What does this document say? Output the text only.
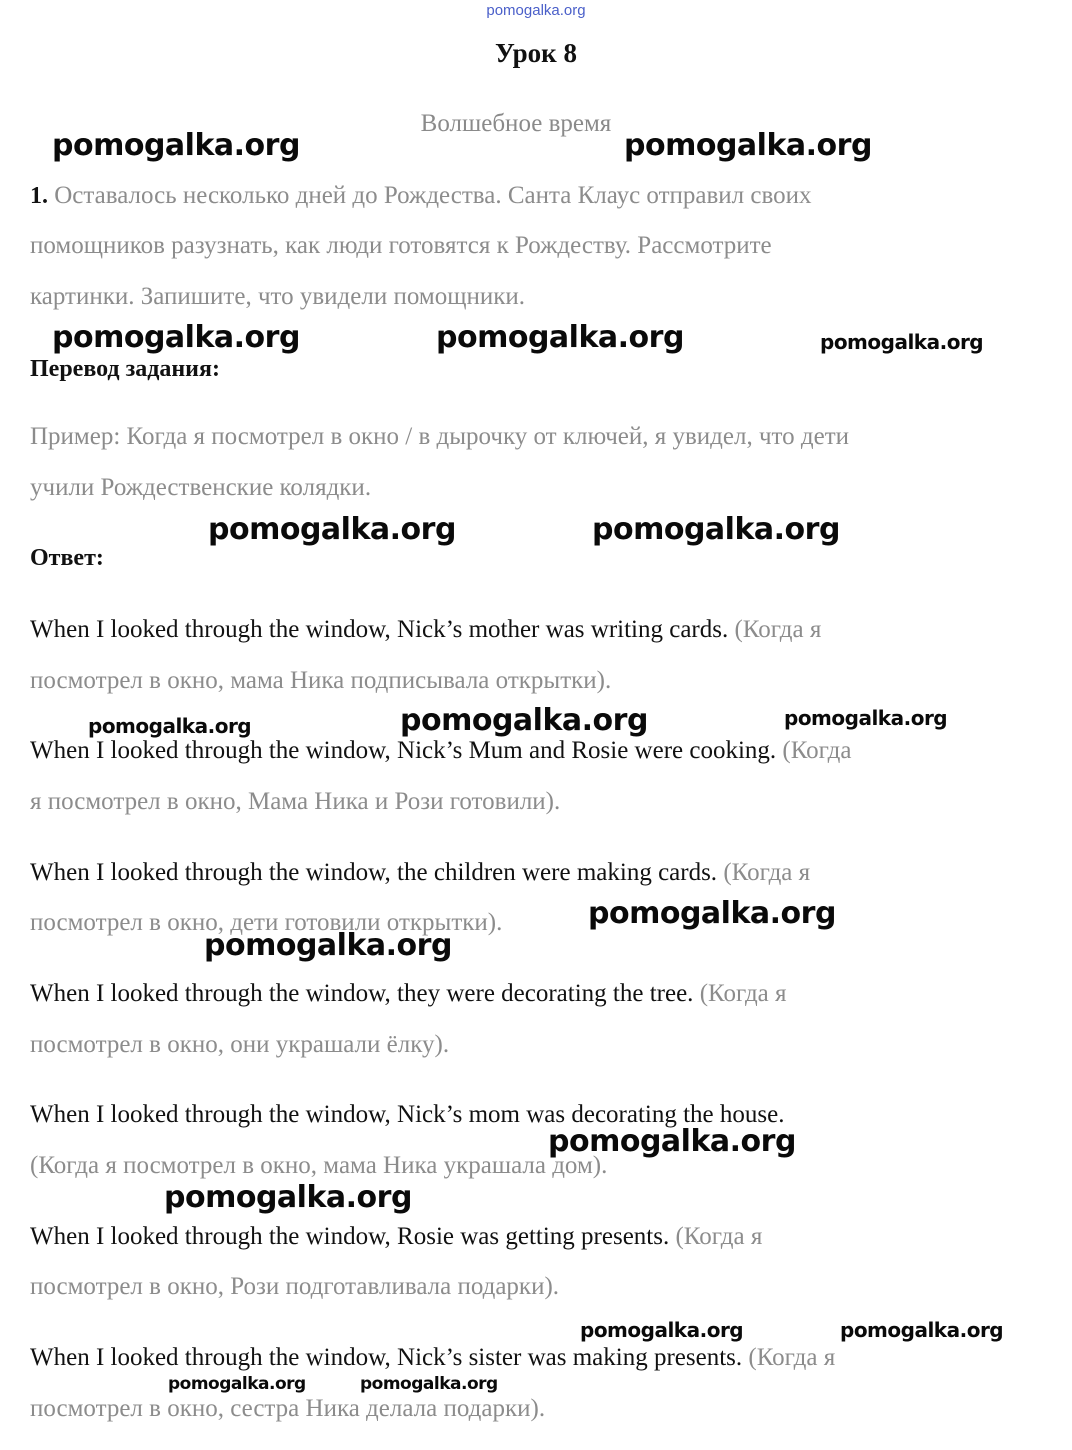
pomogalka.org
Урок 8
Волшебное время
1. Оставалось несколько дней до Рождества. Санта Клаус отправил своих
помощников разузнать, как люди готовятся к Рождеству. Рассмотрите
картинки. Запишите, что увидели помощники.
Перевод задания:
Пример: Когда я посмотрел в окно / в дырочку от ключей, я увидел, что дети
учили Рождественские колядки.
Ответ:
When I looked through the window, Nick’s mother was writing cards. (Когда я
посмотрел в окно, мама Ника подписывала открытки).
When I looked through the window, Nick’s Mum and Rosie were cooking. (Когда
я посмотрел в окно, Мама Ника и Рози готовили).
When I looked through the window, the children were making cards. (Когда я
посмотрел в окно, дети готовили открытки).
When I looked through the window, they were decorating the tree. (Когда я
посмотрел в окно, они украшали ёлку).
When I looked through the window, Nick’s mom was decorating the house.
(Когда я посмотрел в окно, мама Ника украшала дом).
When I looked through the window, Rosie was getting presents. (Когда я
посмотрел в окно, Рози подготавливала подарки).
When I looked through the window, Nick’s sister was making presents. (Когда я
посмотрел в окно, сестра Ника делала подарки).
pomogalka.org	pomogalka.org
pomogalka.org	pomogalka.org	pomogalka.org
pomogalka.org	pomogalka.org
pomogalka.org	pomogalka.org	pomogalka.org
pomogalka.org
pomogalka.org
pomogalka.org
pomogalka.org
pomogalka.org	pomogalka.org
pomogalka.org	pomogalka.org
